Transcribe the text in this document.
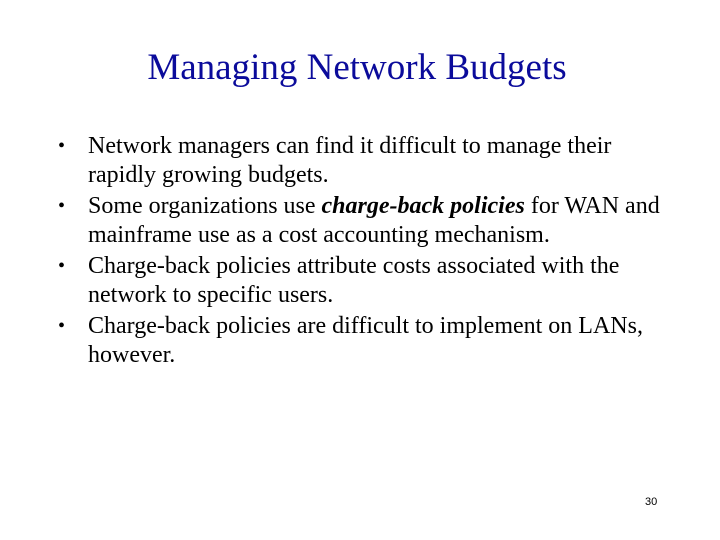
Managing Network Budgets
• Network managers can find it difficult to manage their rapidly growing budgets.
• Some organizations use charge-back policies for WAN and mainframe use as a cost accounting mechanism.
• Charge-back policies attribute costs associated with the network to specific users.
• Charge-back policies are difficult to implement on LANs, however.
30
